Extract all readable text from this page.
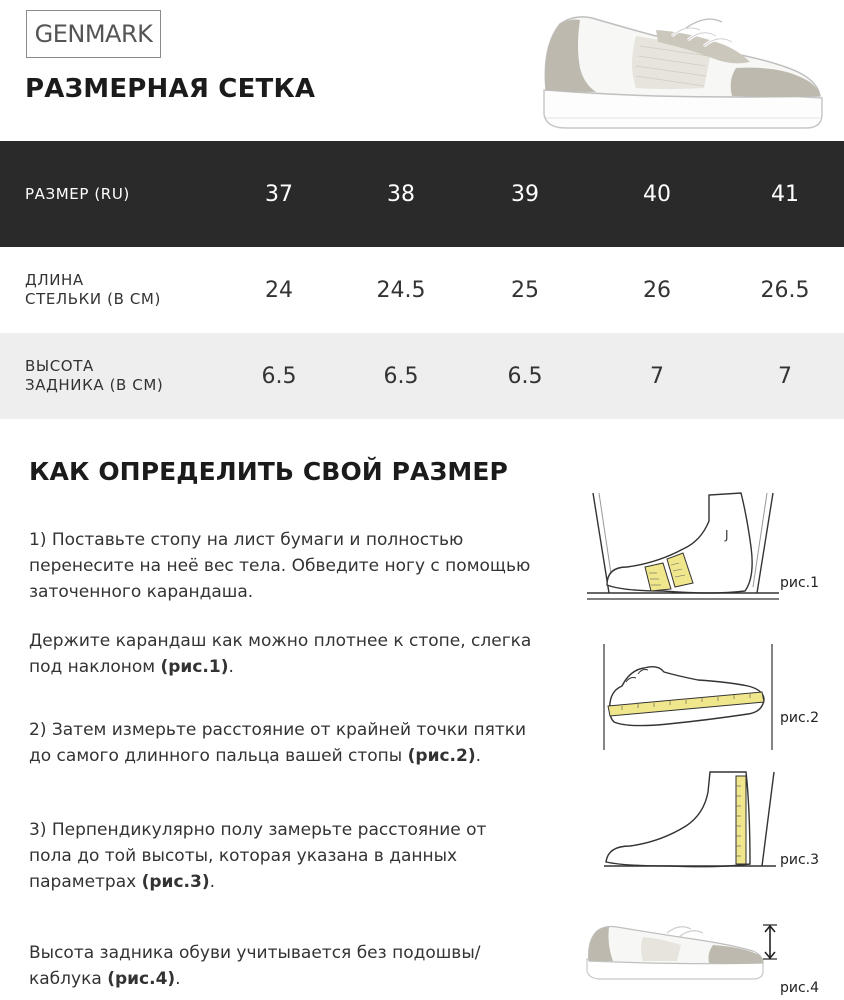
GENMARK
РАЗМЕРНАЯ СЕТКА
РАЗМЕР (RU)	37	38	39	40	41
ДЛИНА
СТЕЛЬКИ (В СМ)	24	24.5	25	26	26.5
ВЫСОТА
ЗАДНИКА (В СМ)	6.5	6.5	6.5	7	7
КАК ОПРЕДЕЛИТЬ СВОЙ РАЗМЕР
1) Поставьте стопу на лист бумаги и полностью
перенесите на неё вес тела. Обведите ногу с помощью
заточенного карандаша.
Держите карандаш как можно плотнее к стопе, слегка
под наклоном (рис.1).
2) Затем измерьте расстояние от крайней точки пятки
до самого длинного пальца вашей стопы (рис.2).
3) Перпендикулярно полу замерьте расстояние от
пола до той высоты, которая указана в данных
параметрах (рис.3).
Высота задника обуви учитывается без подошвы/
каблука (рис.4).
J
рис.1
рис.2
рис.3
рис.4
